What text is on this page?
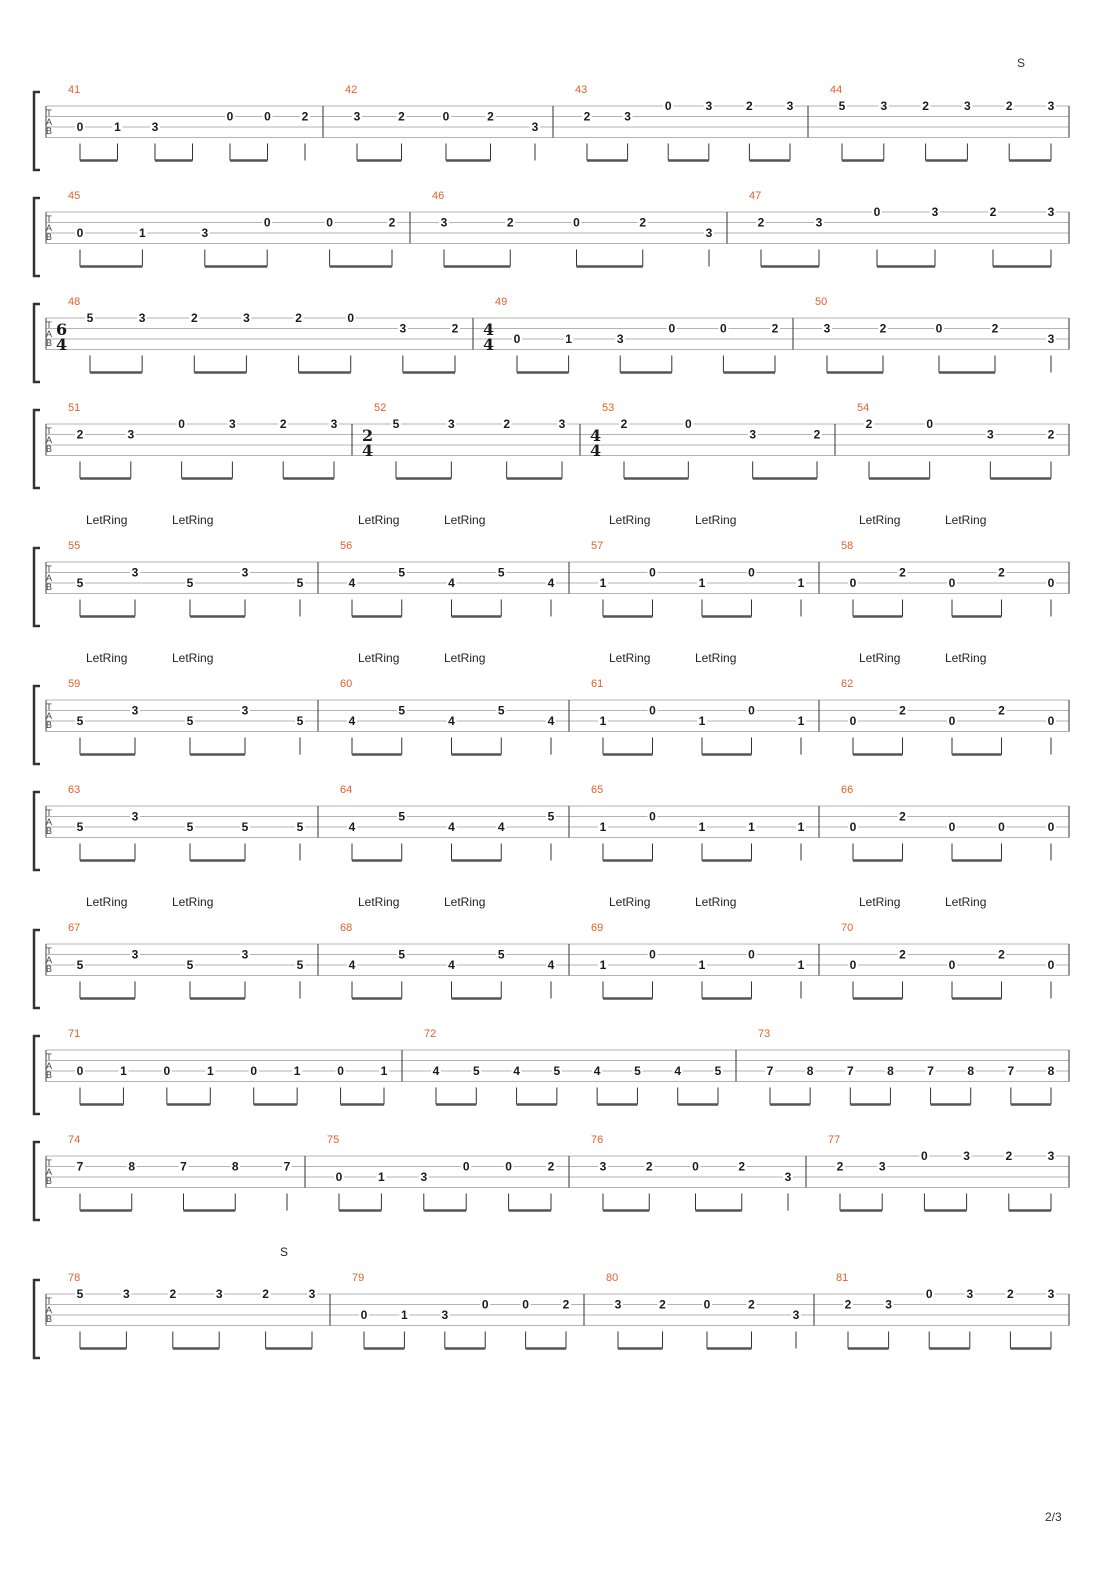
S
2/3
T
A
B
41
0	1	3
0	0	2
42
3	2	0	2
3
43
2	3
0	3	2	3
44
5	3	2	3	2	3
T
A
B
45
0	1	3
0	0	2
46
3	2	0	2
3
47
2	3
0	3	2	3
T
A
B
48
6
4
5	3	2	3	2	0
3	2
49
4
4 0	1	3
0	0	2
50
3	2	0	2
3
T
A
B
51
2	3
0	3	2	3
52
2
4
5	3	2	3
53
4
4
2	0
3	2
54
2	0
3	2
T
A
B
55
5
3
5
3
5
56
4
5
4
5
4
57
1
0
1
0
1
58
0
2
0
2
0
LetRing	LetRing	LetRing	LetRing	LetRing	LetRing	LetRing	LetRing
T
A
B
59
5
3
5
3
5
60
4
5
4
5
4
61
1
0
1
0
1
62
0
2
0
2
0
LetRing	LetRing	LetRing	LetRing	LetRing	LetRing	LetRing	LetRing
T
A
B
63
5
3
5	5	5
64
4
5
4	4
5
65
1
0
1	1	1
66
0
2
0	0	0
T
A
B
67
5
3
5
3
5
68
4
5
4
5
4
69
1
0
1
0
1
70
0
2
0
2
0
LetRing	LetRing	LetRing	LetRing	LetRing	LetRing	LetRing	LetRing
T
A
B
71
0	1	0	1	0	1	0	1
72
4	5	4	5	4	5	4	5
73
7	8	7	8	7	8	7	8
T
A
B
74
7	8	7	8	7
75
0	1	3
0	0	2
76
3	2	0	2
3
77
2	3
0	3	2	3
T
A
B
78
5	3	2	3	2	3
79
0	1	3
0	0	2
80
3	2	0	2
3
81
2	3
0	3	2	3
S
